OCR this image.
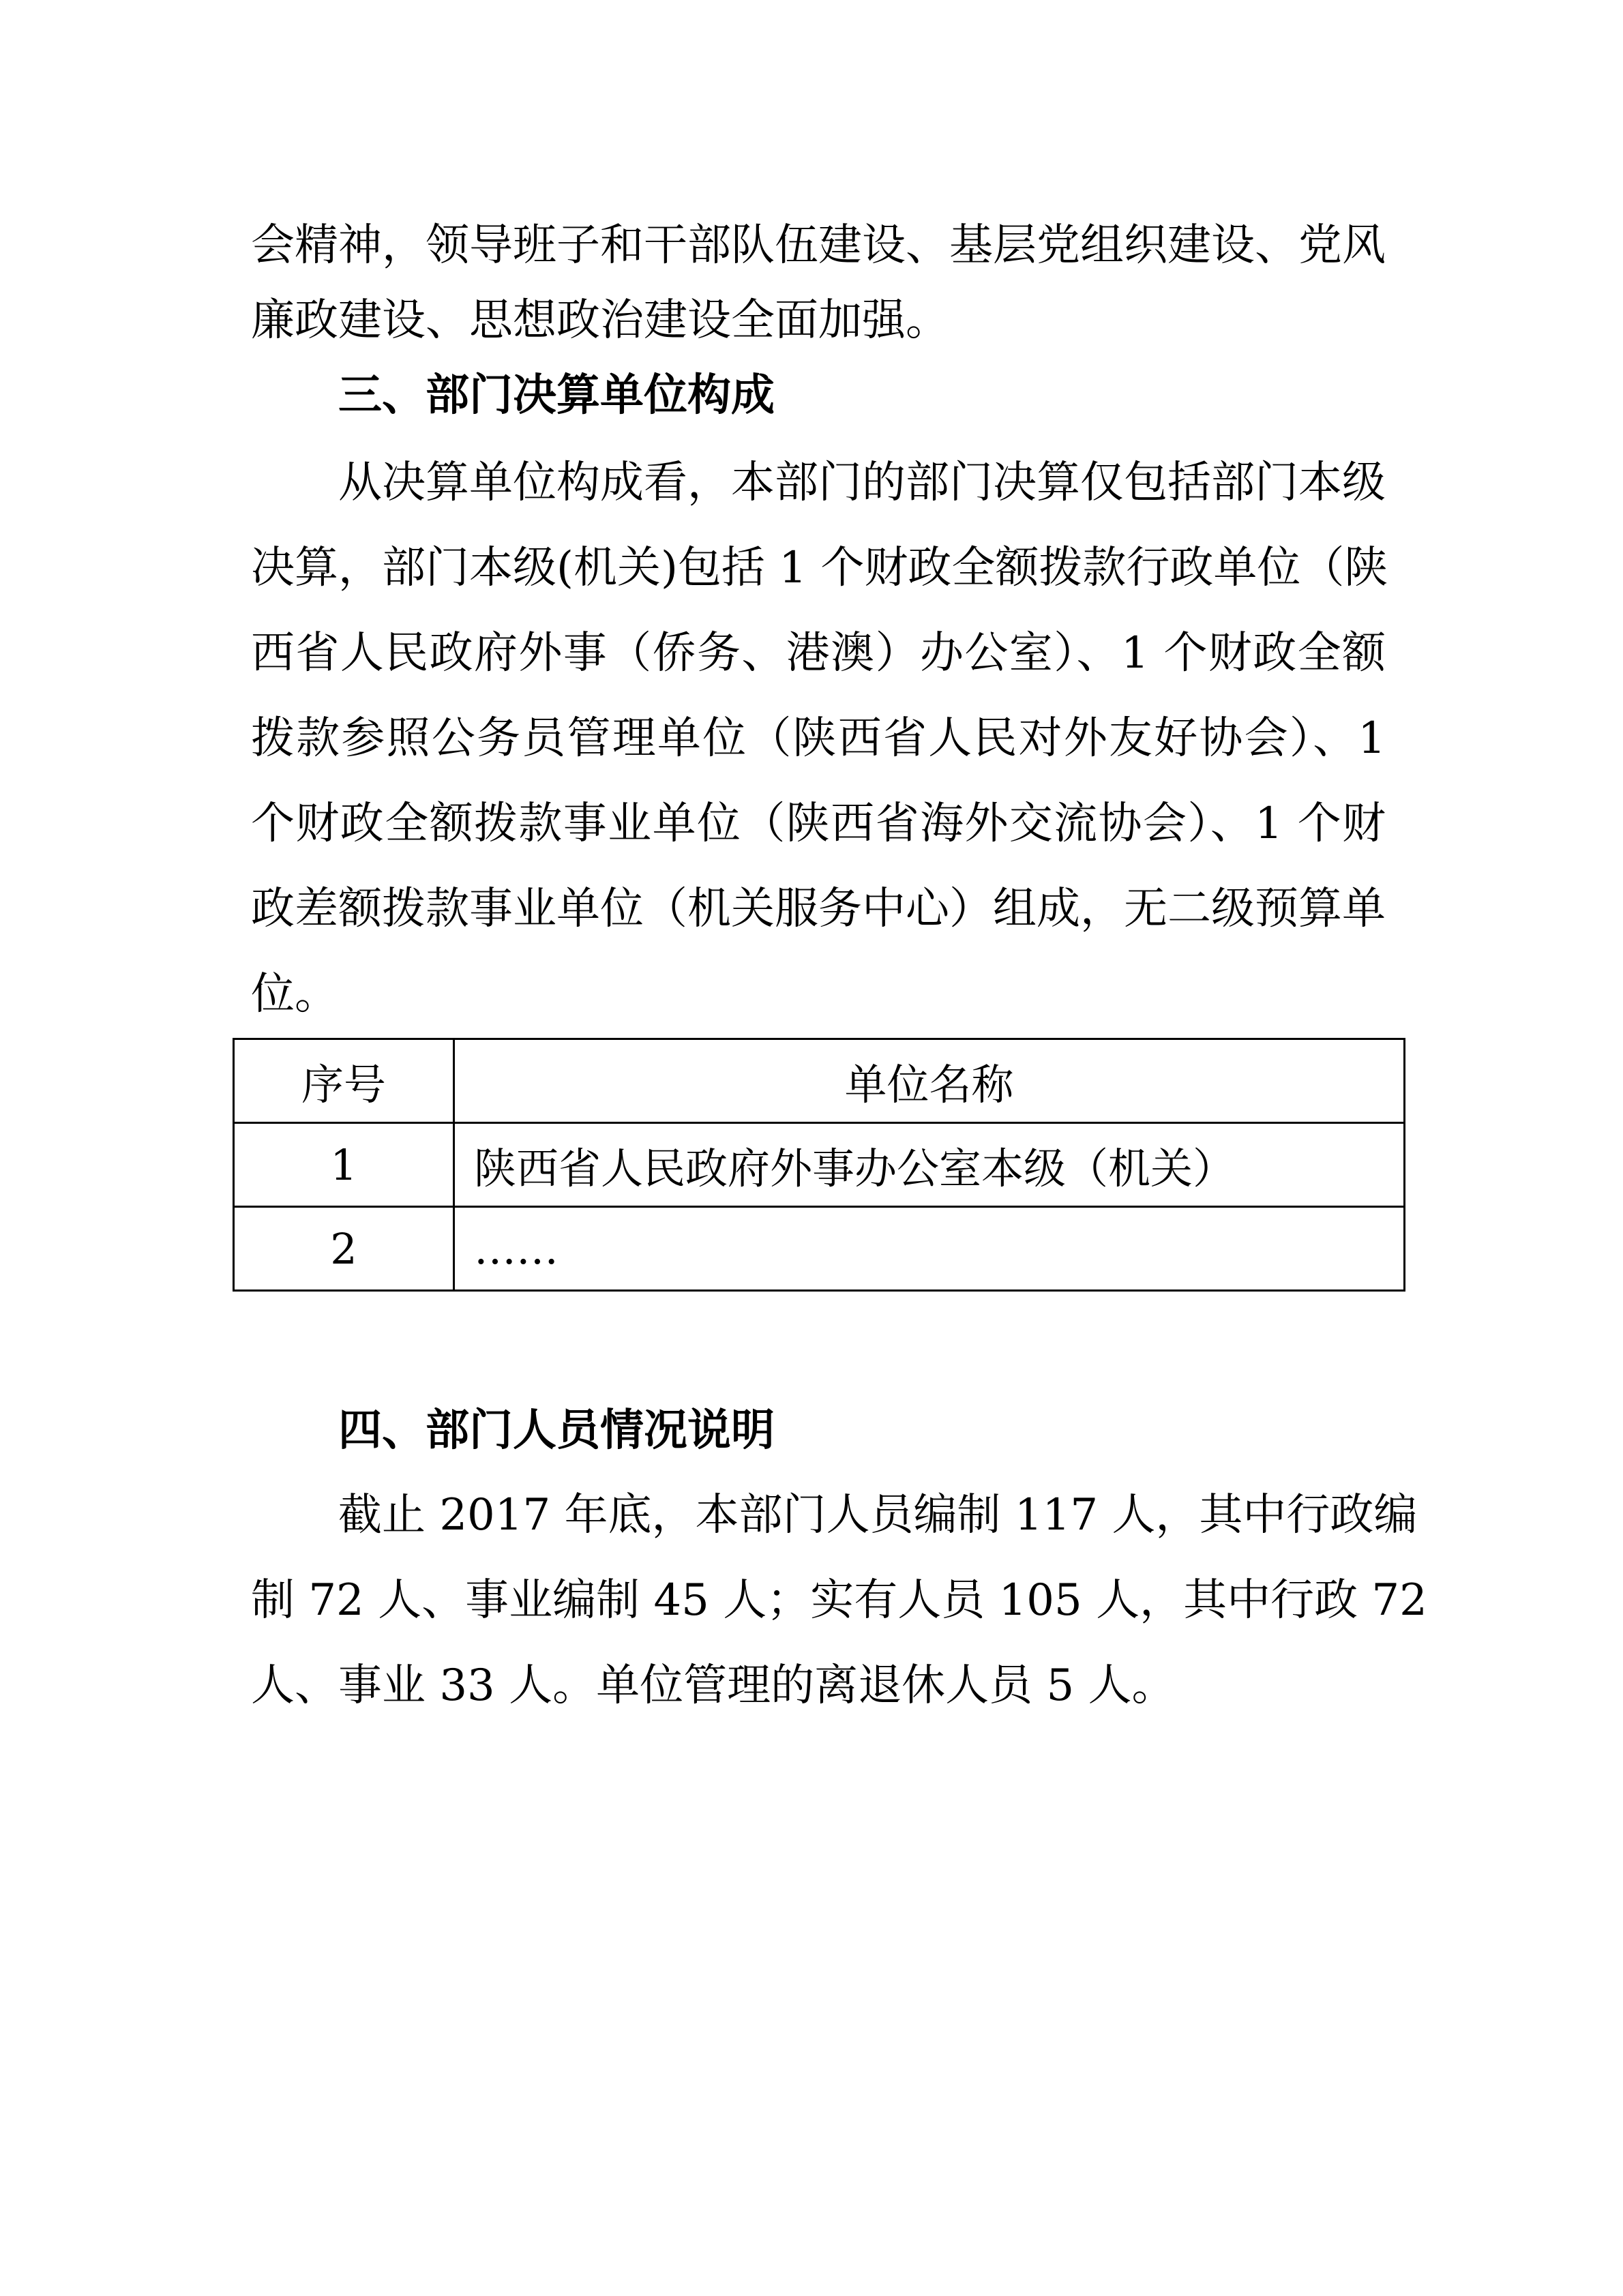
会精神，领导班子和干部队伍建设、基层党组织建设、党风
廉政建设、思想政治建设全面加强。
三、部门决算单位构成
从决算单位构成看，本部门的部门决算仅包括部门本级
决算，部门本级(机关)包括 1 个财政全额拨款行政单位（陕
西省人民政府外事（侨务、港澳）办公室）、1 个财政全额
拨款参照公务员管理单位（陕西省人民对外友好协会）、1
个财政全额拨款事业单位（陕西省海外交流协会）、1 个财
政差额拨款事业单位（机关服务中心）组成，无二级预算单
位。
序号	单位名称
1	陕西省人民政府外事办公室本级（机关）
2	……
四、部门人员情况说明
截止 2017 年底，本部门人员编制 117 人，其中行政编
制 72 人、事业编制 45 人；实有人员 105 人，其中行政 72
人、事业 33 人。单位管理的离退休人员 5 人。
